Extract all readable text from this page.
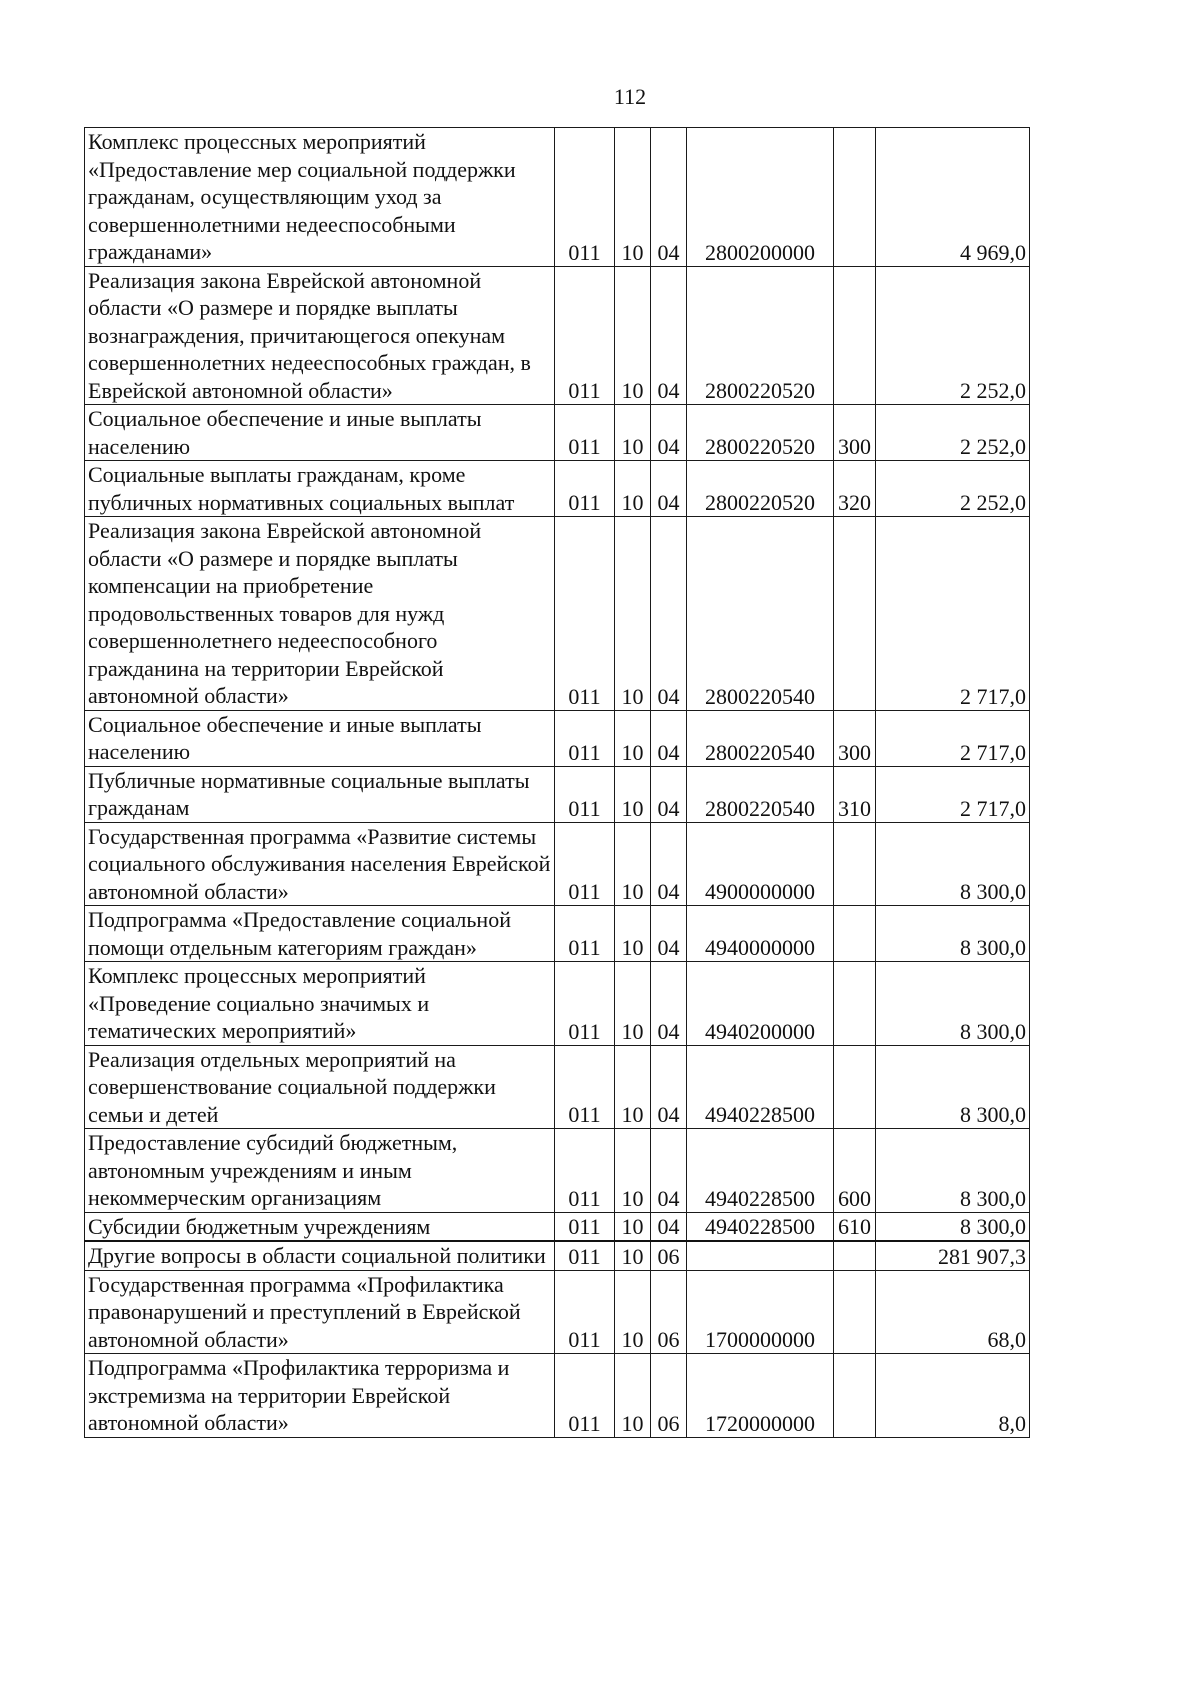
112
Комплекс процессных мероприятий «Предоставление мер социальной поддержки гражданам, осуществляющим уход за совершеннолетними недееспособными гражданами»	011	10	04	2800200000		4 969,0
Реализация закона Еврейской автономной области «О размере и порядке выплаты вознаграждения, причитающегося опекунам совершеннолетних недееспособных граждан, в Еврейской автономной области»	011	10	04	2800220520		2 252,0
Социальное обеспечение и иные выплаты населению	011	10	04	2800220520	300	2 252,0
Социальные выплаты гражданам, кроме публичных нормативных социальных выплат	011	10	04	2800220520	320	2 252,0
Реализация закона Еврейской автономной области «О размере и порядке выплаты компенсации на приобретение продовольственных товаров для нужд совершеннолетнего недееспособного гражданина на территории Еврейской автономной области»	011	10	04	2800220540		2 717,0
Социальное обеспечение и иные выплаты населению	011	10	04	2800220540	300	2 717,0
Публичные нормативные социальные выплаты гражданам	011	10	04	2800220540	310	2 717,0
Государственная программа «Развитие системы социального обслуживания населения Еврейской автономной области»	011	10	04	4900000000		8 300,0
Подпрограмма «Предоставление социальной помощи отдельным категориям граждан»	011	10	04	4940000000		8 300,0
Комплекс процессных мероприятий «Проведение социально значимых и тематических мероприятий»	011	10	04	4940200000		8 300,0
Реализация отдельных мероприятий на совершенствование социальной поддержки семьи и детей	011	10	04	4940228500		8 300,0
Предоставление субсидий бюджетным, автономным учреждениям и иным некоммерческим организациям	011	10	04	4940228500	600	8 300,0
Субсидии бюджетным учреждениям	011	10	04	4940228500	610	8 300,0
Другие вопросы в области социальной политики	011	10	06			281 907,3
Государственная программа «Профилактика правонарушений и преступлений в Еврейской автономной области»	011	10	06	1700000000		68,0
Подпрограмма «Профилактика терроризма и экстремизма на территории Еврейской автономной области»	011	10	06	1720000000		8,0
